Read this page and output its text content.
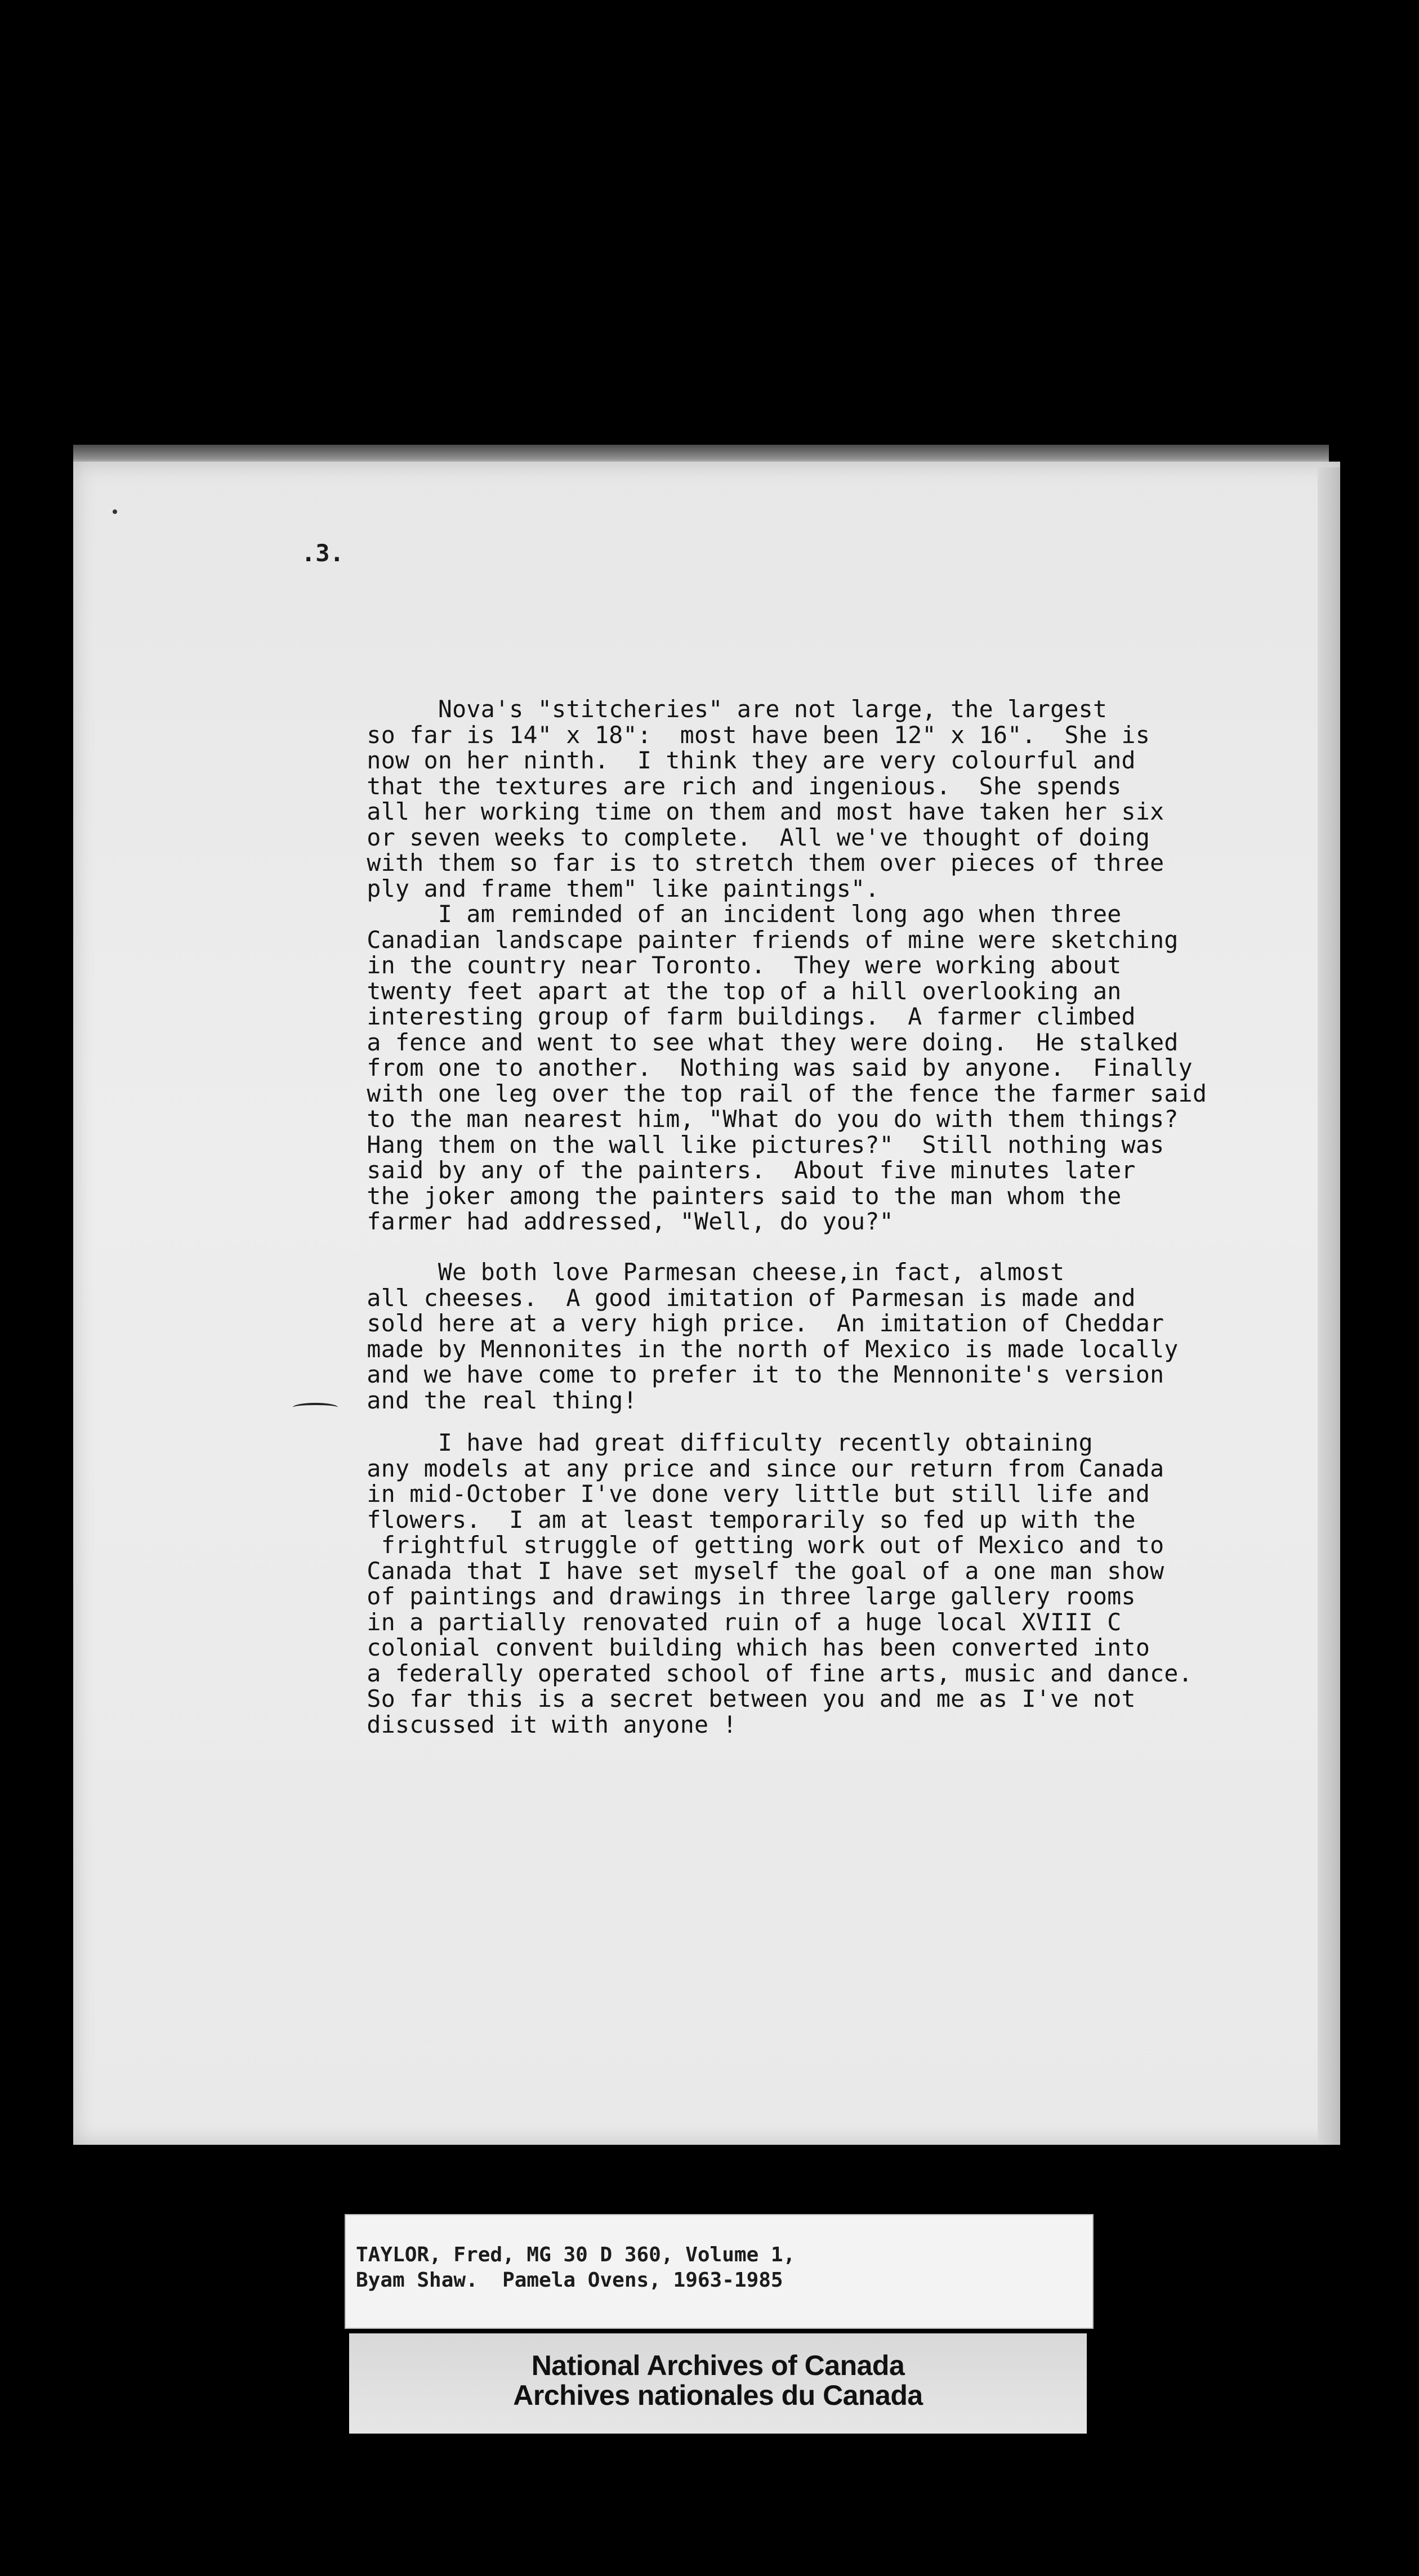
.3.
Nova's "stitcheries" are not large, the largest
so far is 14" x 18":  most have been 12" x 16".  She is
now on her ninth.  I think they are very colourful and
that the textures are rich and ingenious.  She spends
all her working time on them and most have taken her six
or seven weeks to complete.  All we've thought of doing
with them so far is to stretch them over pieces of three
ply and frame them" like paintings".
I am reminded of an incident long ago when three
Canadian landscape painter friends of mine were sketching
in the country near Toronto.  They were working about
twenty feet apart at the top of a hill overlooking an
interesting group of farm buildings.  A farmer climbed
a fence and went to see what they were doing.  He stalked
from one to another.  Nothing was said by anyone.  Finally
with one leg over the top rail of the fence the farmer said
to the man nearest him, "What do you do with them things?
Hang them on the wall like pictures?"  Still nothing was
said by any of the painters.  About five minutes later
the joker among the painters said to the man whom the
farmer had addressed, "Well, do you?"
We both love Parmesan cheese,in fact, almost
all cheeses.  A good imitation of Parmesan is made and
sold here at a very high price.  An imitation of Cheddar
made by Mennonites in the north of Mexico is made locally
and we have come to prefer it to the Mennonite's version
and the real thing!
I have had great difficulty recently obtaining
any models at any price and since our return from Canada
in mid-October I've done very little but still life and
flowers.  I am at least temporarily so fed up with the
frightful struggle of getting work out of Mexico and to
Canada that I have set myself the goal of a one man show
of paintings and drawings in three large gallery rooms
in a partially renovated ruin of a huge local XVIII C
colonial convent building which has been converted into
a federally operated school of fine arts, music and dance.
So far this is a secret between you and me as I've not
discussed it with anyone !
TAYLOR, Fred, MG 30 D 360, Volume 1,
Byam Shaw.  Pamela Ovens, 1963-1985
National Archives of Canada
Archives nationales du Canada
